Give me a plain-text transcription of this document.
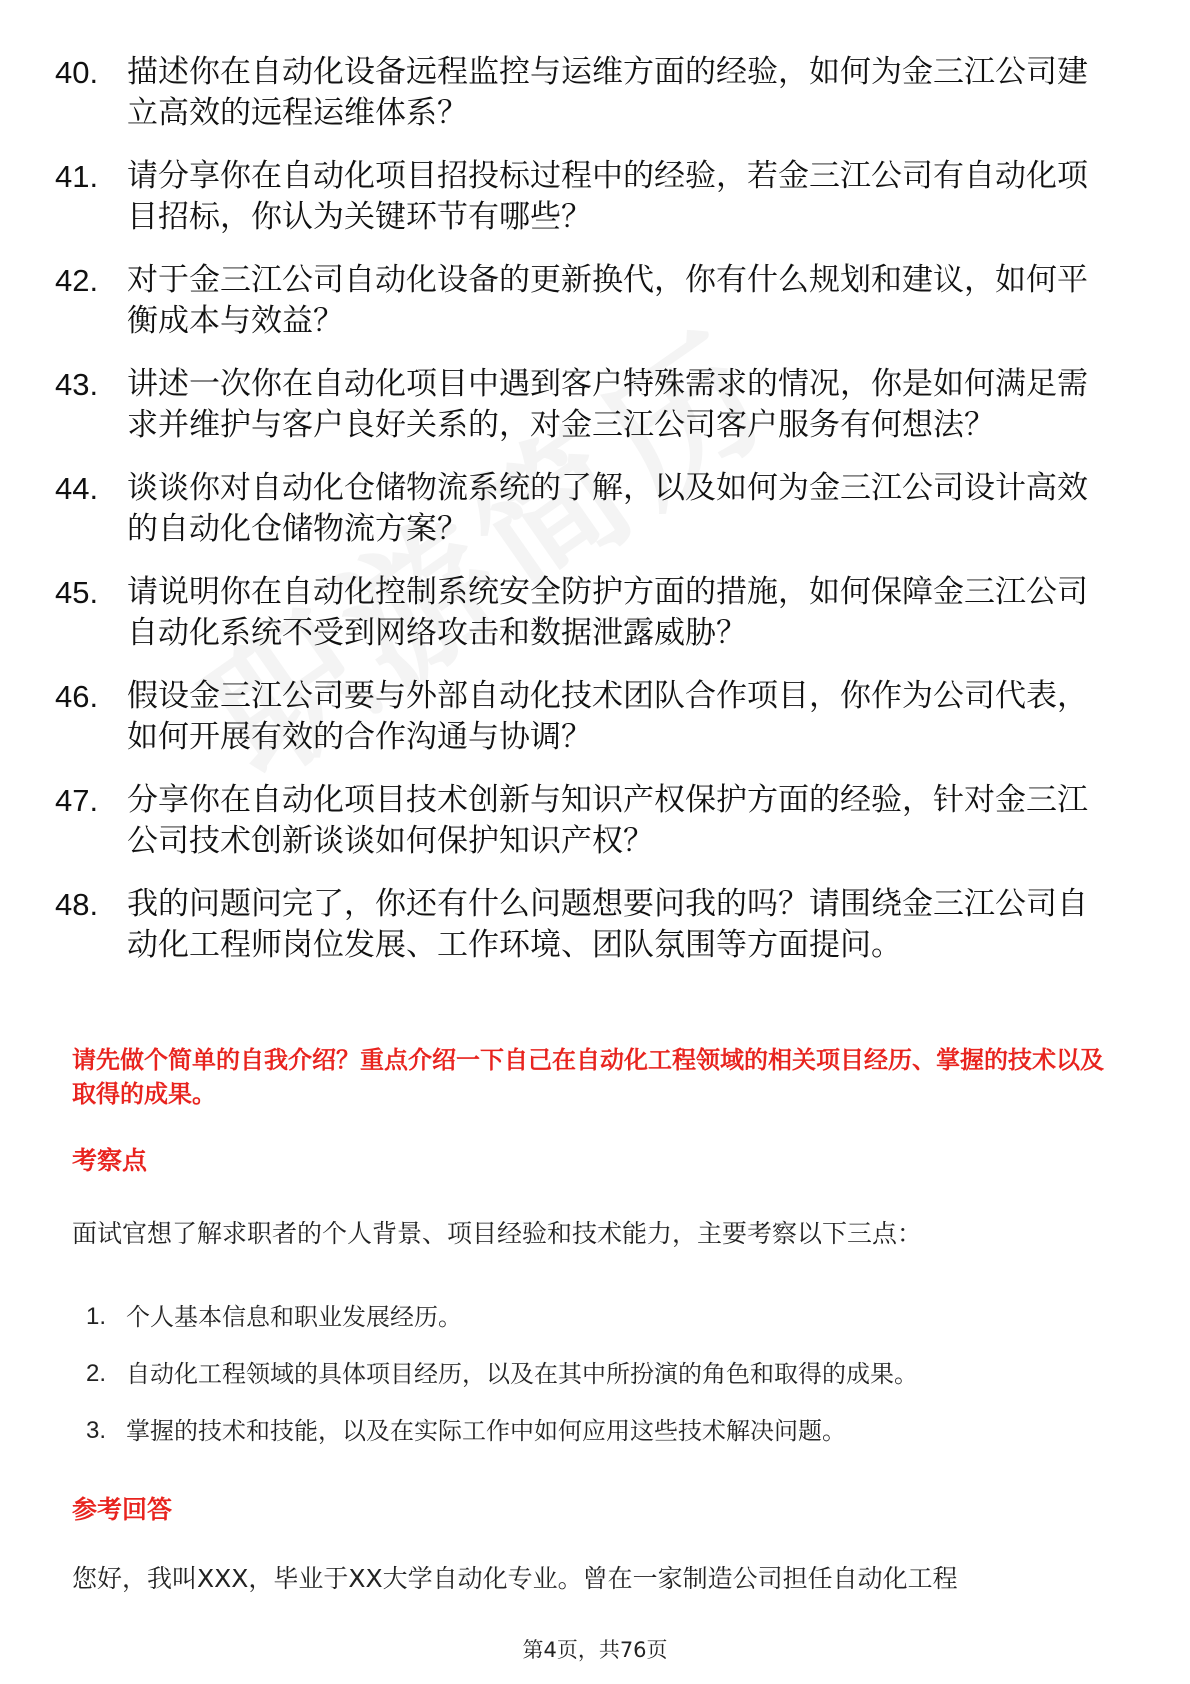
40. 描述你在自动化设备远程监控与运维方面的经验，如何为金三江公司建立高效的远程运维体系？
41. 请分享你在自动化项目招投标过程中的经验，若金三江公司有自动化项目招标，你认为关键环节有哪些？
42. 对于金三江公司自动化设备的更新换代，你有什么规划和建议，如何平衡成本与效益？
43. 讲述一次你在自动化项目中遇到客户特殊需求的情况，你是如何满足需求并维护与客户良好关系的，对金三江公司客户服务有何想法？
44. 谈谈你对自动化仓储物流系统的了解，以及如何为金三江公司设计高效的自动化仓储物流方案？
45. 请说明你在自动化控制系统安全防护方面的措施，如何保障金三江公司自动化系统不受到网络攻击和数据泄露威胁？
46. 假设金三江公司要与外部自动化技术团队合作项目，你作为公司代表，如何开展有效的合作沟通与协调？
47. 分享你在自动化项目技术创新与知识产权保护方面的经验，针对金三江公司技术创新谈谈如何保护知识产权？
48. 我的问题问完了，你还有什么问题想要问我的吗？请围绕金三江公司自动化工程师岗位发展、工作环境、团队氛围等方面提问。
请先做个简单的自我介绍？重点介绍一下自己在自动化工程领域的相关项目经历、掌握的技术以及取得的成果。
考察点
面试官想了解求职者的个人背景、项目经验和技术能力，主要考察以下三点：
1. 个人基本信息和职业发展经历。
2. 自动化工程领域的具体项目经历，以及在其中所扮演的角色和取得的成果。
3. 掌握的技术和技能，以及在实际工作中如何应用这些技术解决问题。
参考回答
您好，我叫XXX，毕业于XX大学自动化专业。曾在一家制造公司担任自动化工程
第4页，共76页
